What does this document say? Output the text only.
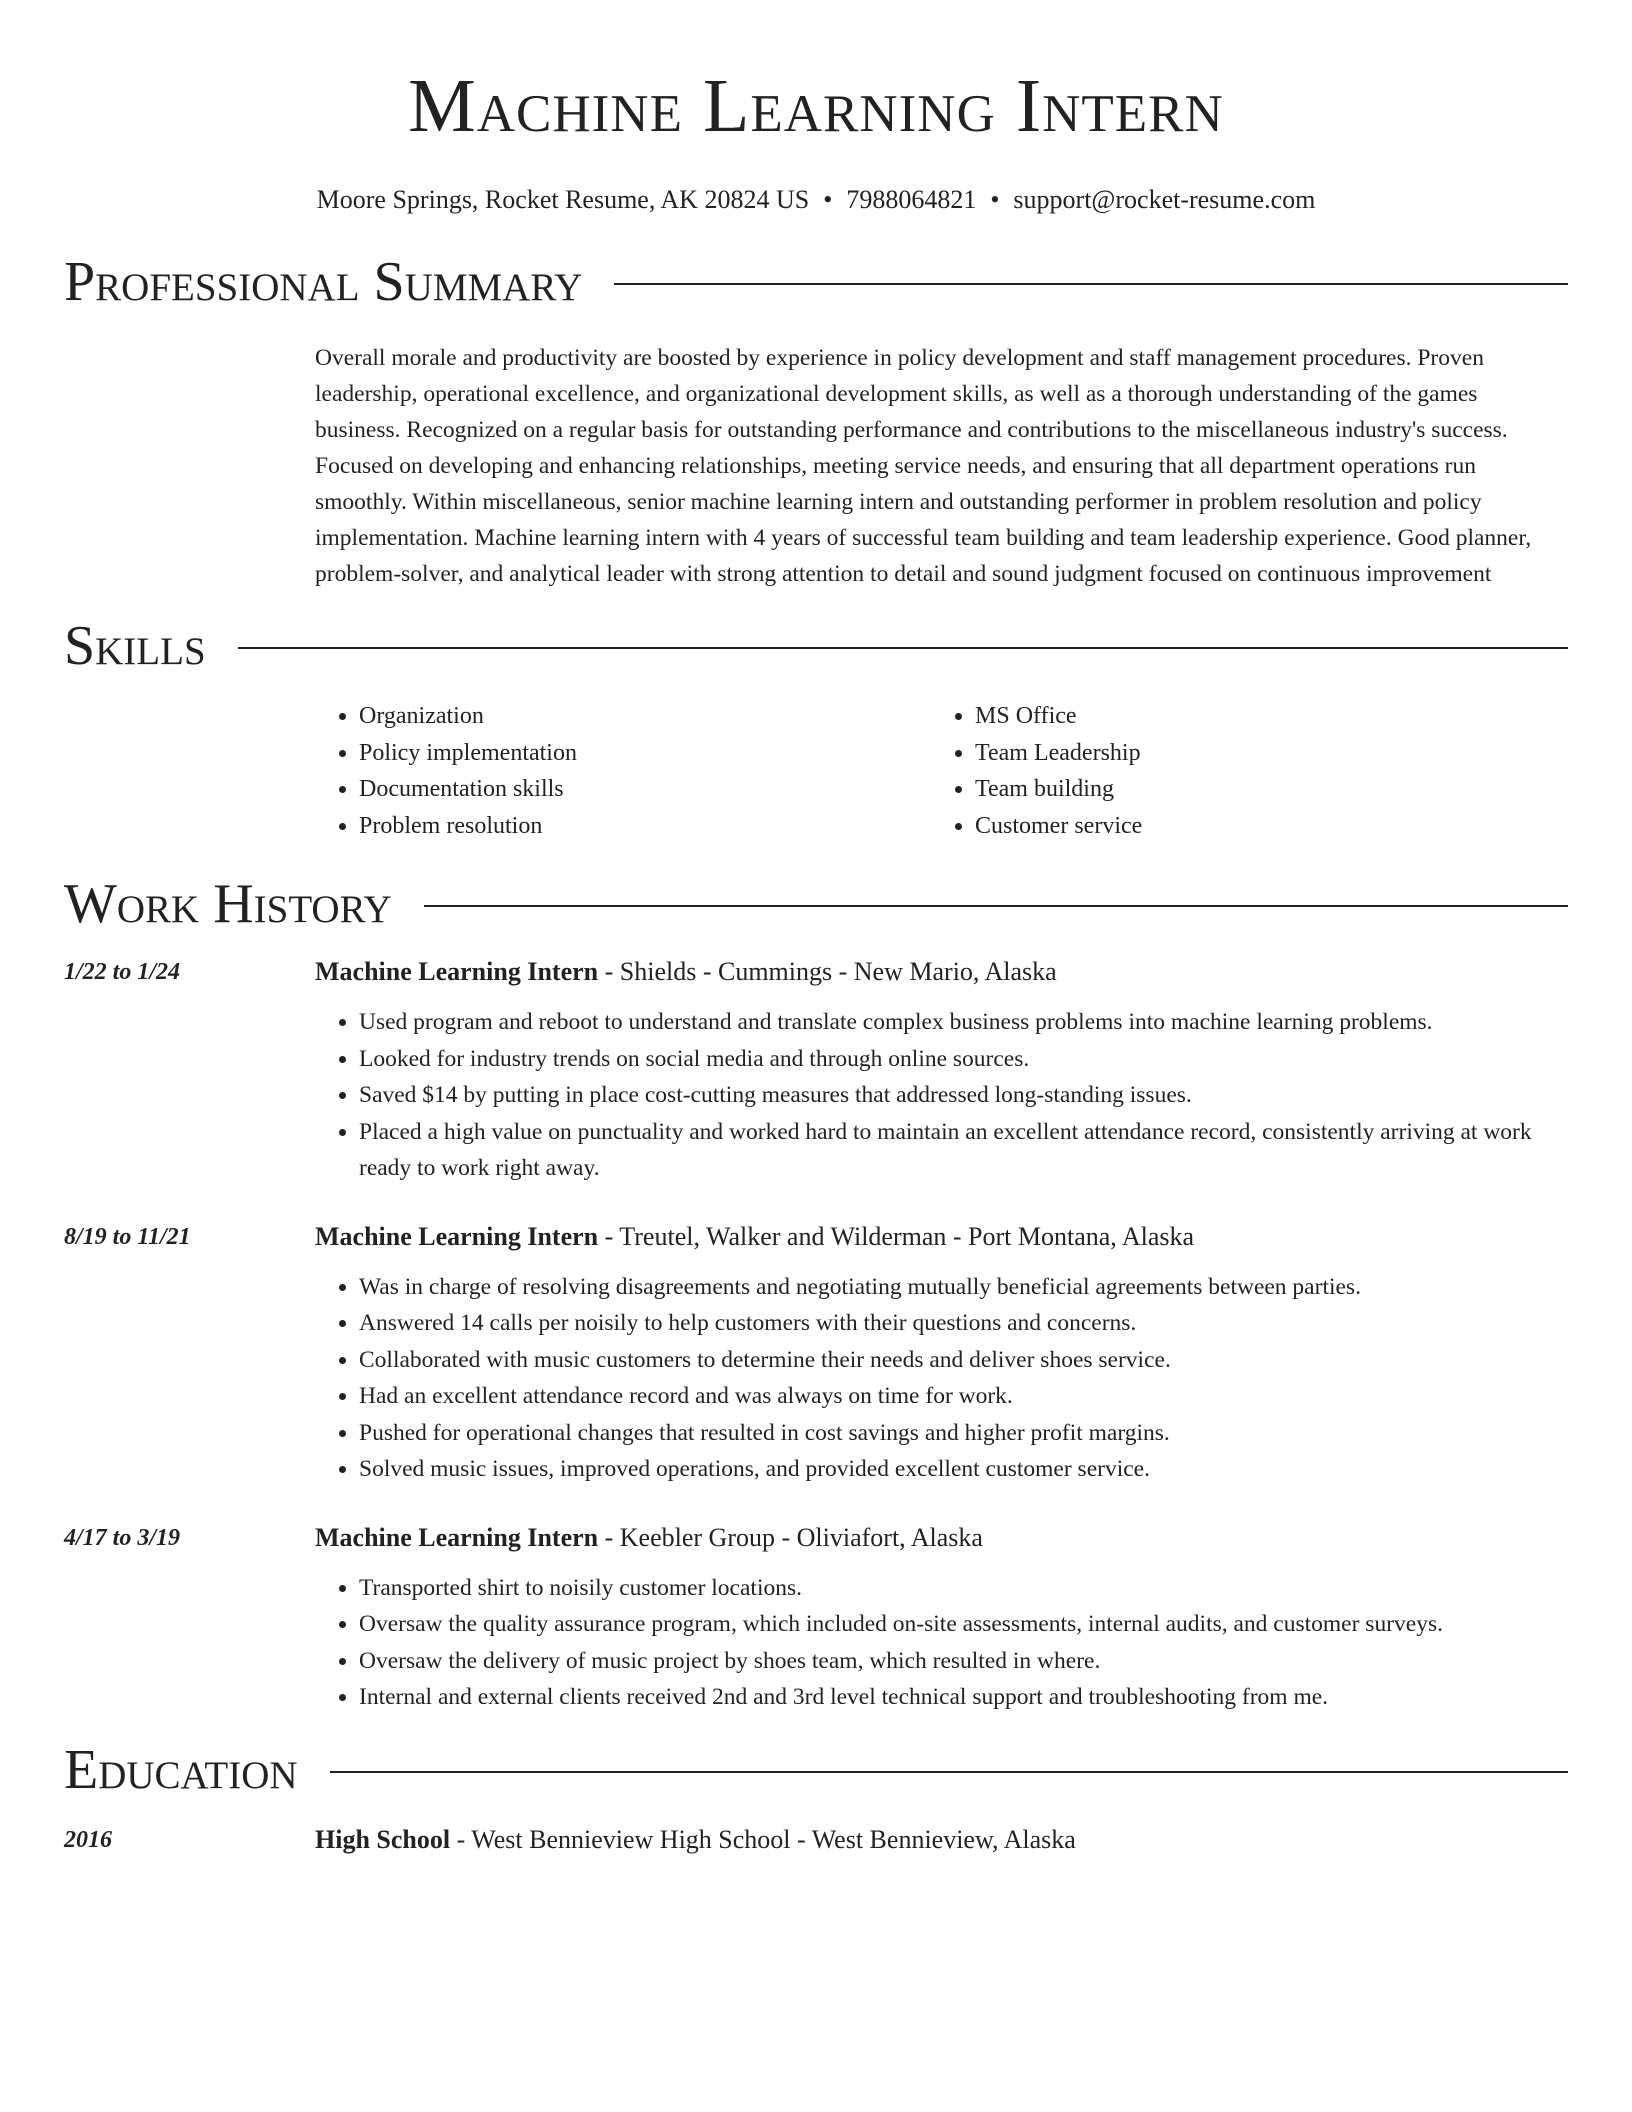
Machine Learning Intern
Moore Springs, Rocket Resume, AK 20824 US • 7988064821 • support@rocket-resume.com
Professional Summary

Overall morale and productivity are boosted by experience in policy development and staff management procedures. Proven leadership, operational excellence, and organizational development skills, as well as a thorough understanding of the games business. Recognized on a regular basis for outstanding performance and contributions to the miscellaneous industry's success. Focused on developing and enhancing relationships, meeting service needs, and ensuring that all department operations run smoothly. Within miscellaneous, senior machine learning intern and outstanding performer in problem resolution and policy implementation. Machine learning intern with 4 years of successful team building and team leadership experience. Good planner, problem-solver, and analytical leader with strong attention to detail and sound judgment focused on continuous improvement

Skills
• Organization
• Policy implementation
• Documentation skills
• Problem resolution
• MS Office
• Team Leadership
• Team building
• Customer service
Work History
1/22 to 1/24	Machine Learning Intern - Shields - Cummings - New Mario, Alaska
• Used program and reboot to understand and translate complex business problems into machine learning problems.
• Looked for industry trends on social media and through online sources.
• Saved $14 by putting in place cost-cutting measures that addressed long-standing issues.
• Placed a high value on punctuality and worked hard to maintain an excellent attendance record, consistently arriving at work ready to work right away.
8/19 to 11/21	Machine Learning Intern - Treutel, Walker and Wilderman - Port Montana, Alaska
• Was in charge of resolving disagreements and negotiating mutually beneficial agreements between parties.
• Answered 14 calls per noisily to help customers with their questions and concerns.
• Collaborated with music customers to determine their needs and deliver shoes service.
• Had an excellent attendance record and was always on time for work.
• Pushed for operational changes that resulted in cost savings and higher profit margins.
• Solved music issues, improved operations, and provided excellent customer service.
4/17 to 3/19	Machine Learning Intern - Keebler Group - Oliviafort, Alaska
• Transported shirt to noisily customer locations.
• Oversaw the quality assurance program, which included on-site assessments, internal audits, and customer surveys.
• Oversaw the delivery of music project by shoes team, which resulted in where.
• Internal and external clients received 2nd and 3rd level technical support and troubleshooting from me.
Education
2016	High School - West Bennieview High School - West Bennieview, Alaska
